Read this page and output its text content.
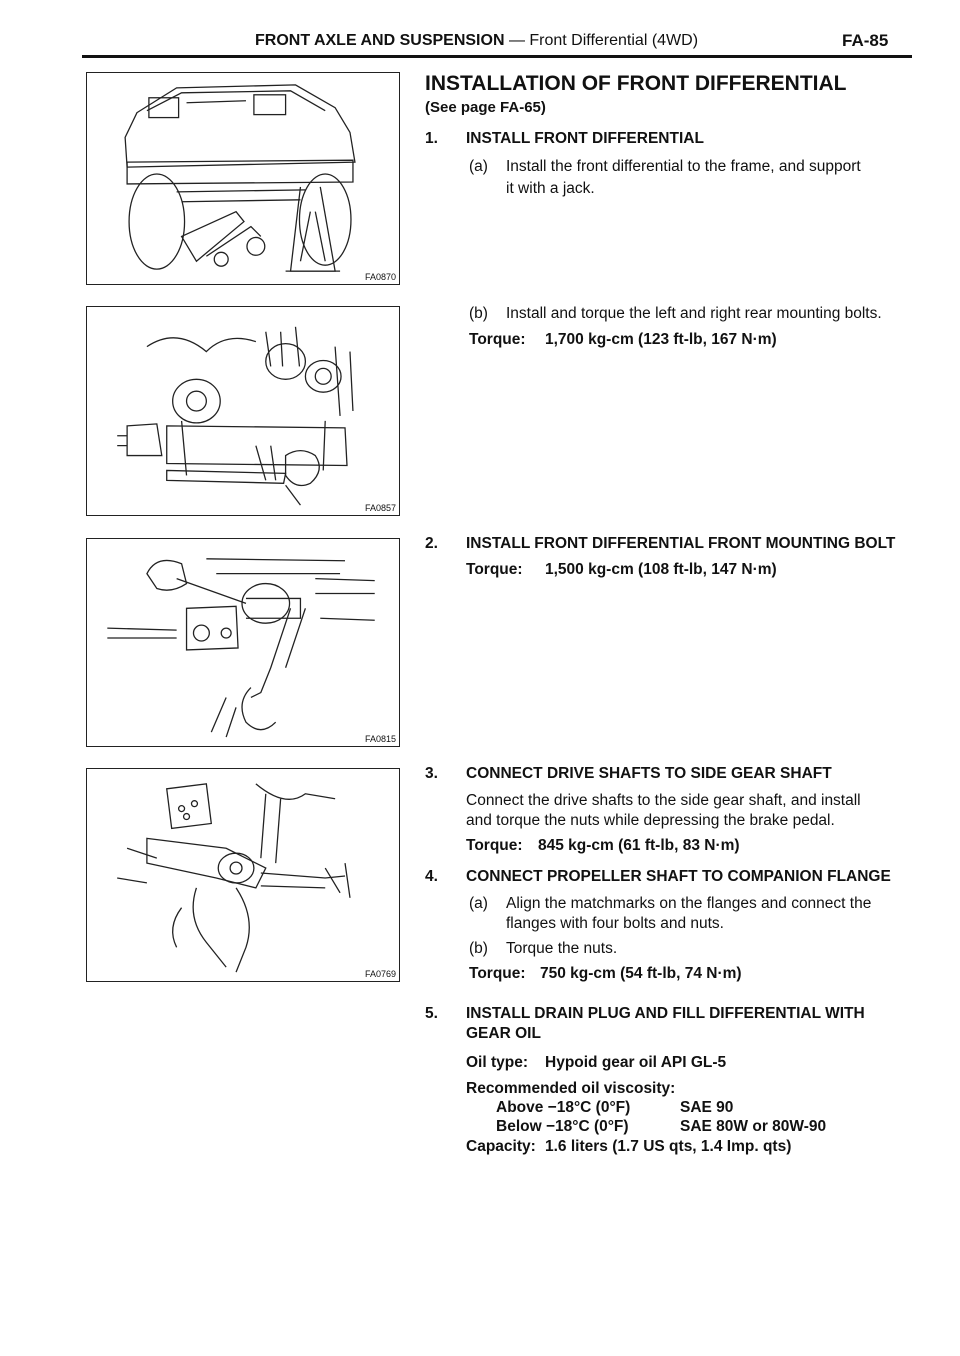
FRONT AXLE AND SUSPENSION — Front Differential (4WD)	FA-85
FA0870
FA0857
FA0815
FA0769
INSTALLATION OF FRONT DIFFERENTIAL
(See page FA-65)
1. INSTALL FRONT DIFFERENTIAL
(a) Install the front differential to the frame, and support
it with a jack.
(b) Install and torque the left and right rear mounting bolts.
Torque: 1,700 kg-cm (123 ft-lb, 167 N·m)
2. INSTALL FRONT DIFFERENTIAL FRONT MOUNTING BOLT
Torque: 1,500 kg-cm (108 ft-lb, 147 N·m)
3. CONNECT DRIVE SHAFTS TO SIDE GEAR SHAFT
Connect the drive shafts to the side gear shaft, and install
and torque the nuts while depressing the brake pedal.
Torque: 845 kg-cm (61 ft-lb, 83 N·m)
4. CONNECT PROPELLER SHAFT TO COMPANION FLANGE
(a) Align the matchmarks on the flanges and connect the
flanges with four bolts and nuts.
(b) Torque the nuts.
Torque: 750 kg-cm (54 ft-lb, 74 N·m)
5. INSTALL DRAIN PLUG AND FILL DIFFERENTIAL WITH
GEAR OIL
Oil type: Hypoid gear oil API GL-5
Recommended oil viscosity:
Above −18°C (0°F)	SAE 90
Below −18°C (0°F)	SAE 80W or 80W-90
Capacity: 1.6 liters (1.7 US qts, 1.4 Imp. qts)
